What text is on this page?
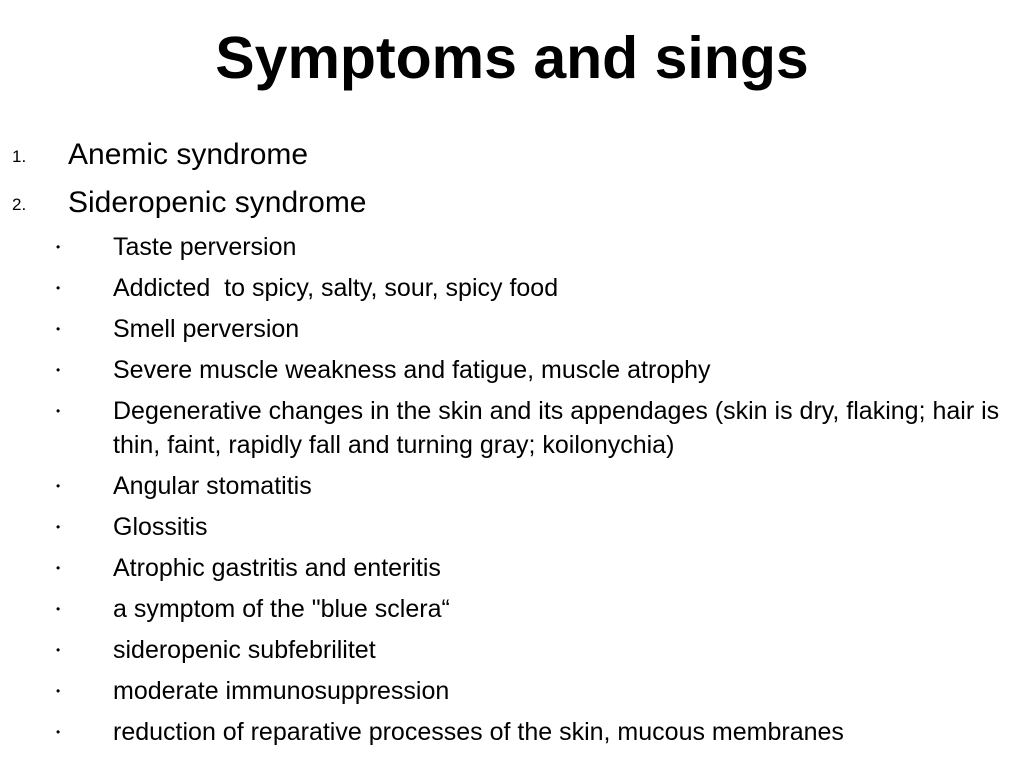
Symptoms and sings
1. Anemic syndrome
2. Sideropenic syndrome
•
Taste perversion
•
Addicted  to spicy, salty, sour, spicy food
•
Smell perversion
•
Severe muscle weakness and fatigue, muscle atrophy
•
Degenerative changes in the skin and its appendages (skin is dry, flaking; hair is thin, faint, rapidly fall and turning gray; koilonychia)
•
Angular stomatitis
•
Glossitis
•
Atrophic gastritis and enteritis
•
a symptom of the "blue sclera“
•
sideropenic subfebrilitet
•
moderate immunosuppression
•
reduction of reparative processes of the skin, mucous membranes
